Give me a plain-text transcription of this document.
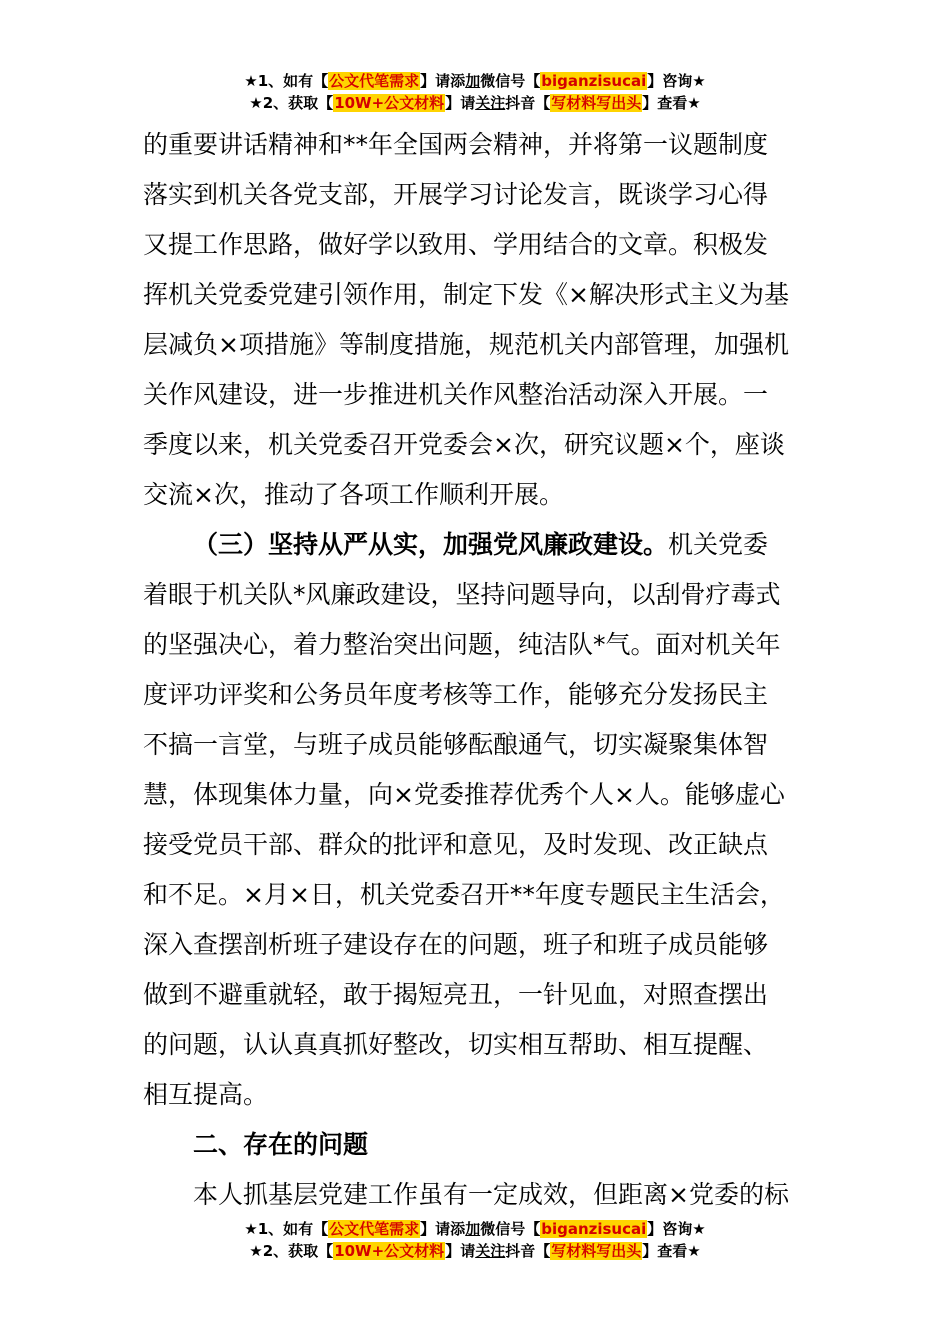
★1、如有【公文代笔需求】请添加微信号【biganzisucai】咨询★
★2、获取【10W+公文材料】请关注抖音【写材料写出头】查看★
的重要讲话精神和**年全国两会精神，并将第一议题制度
落实到机关各党支部，开展学习讨论发言，既谈学习心得
又提工作思路，做好学以致用、学用结合的文章。积极发
挥机关党委党建引领作用，制定下发《×解决形式主义为基
层减负×项措施》等制度措施，规范机关内部管理，加强机
关作风建设，进一步推进机关作风整治活动深入开展。一
季度以来，机关党委召开党委会×次，研究议题×个，座谈
交流×次，推动了各项工作顺利开展。
（三）坚持从严从实，加强党风廉政建设。机关党委
着眼于机关队*风廉政建设，坚持问题导向，以刮骨疗毒式
的坚强决心，着力整治突出问题，纯洁队*气。面对机关年
度评功评奖和公务员年度考核等工作，能够充分发扬民主
不搞一言堂，与班子成员能够酝酿通气，切实凝聚集体智
慧，体现集体力量，向×党委推荐优秀个人×人。能够虚心
接受党员干部、群众的批评和意见，及时发现、改正缺点
和不足。×月×日，机关党委召开**年度专题民主生活会，
深入查摆剖析班子建设存在的问题，班子和班子成员能够
做到不避重就轻，敢于揭短亮丑，一针见血，对照查摆出
的问题，认认真真抓好整改，切实相互帮助、相互提醒、
相互提高。
二、存在的问题
本人抓基层党建工作虽有一定成效，但距离×党委的标
★1、如有【公文代笔需求】请添加微信号【biganzisucai】咨询★
★2、获取【10W+公文材料】请关注抖音【写材料写出头】查看★
